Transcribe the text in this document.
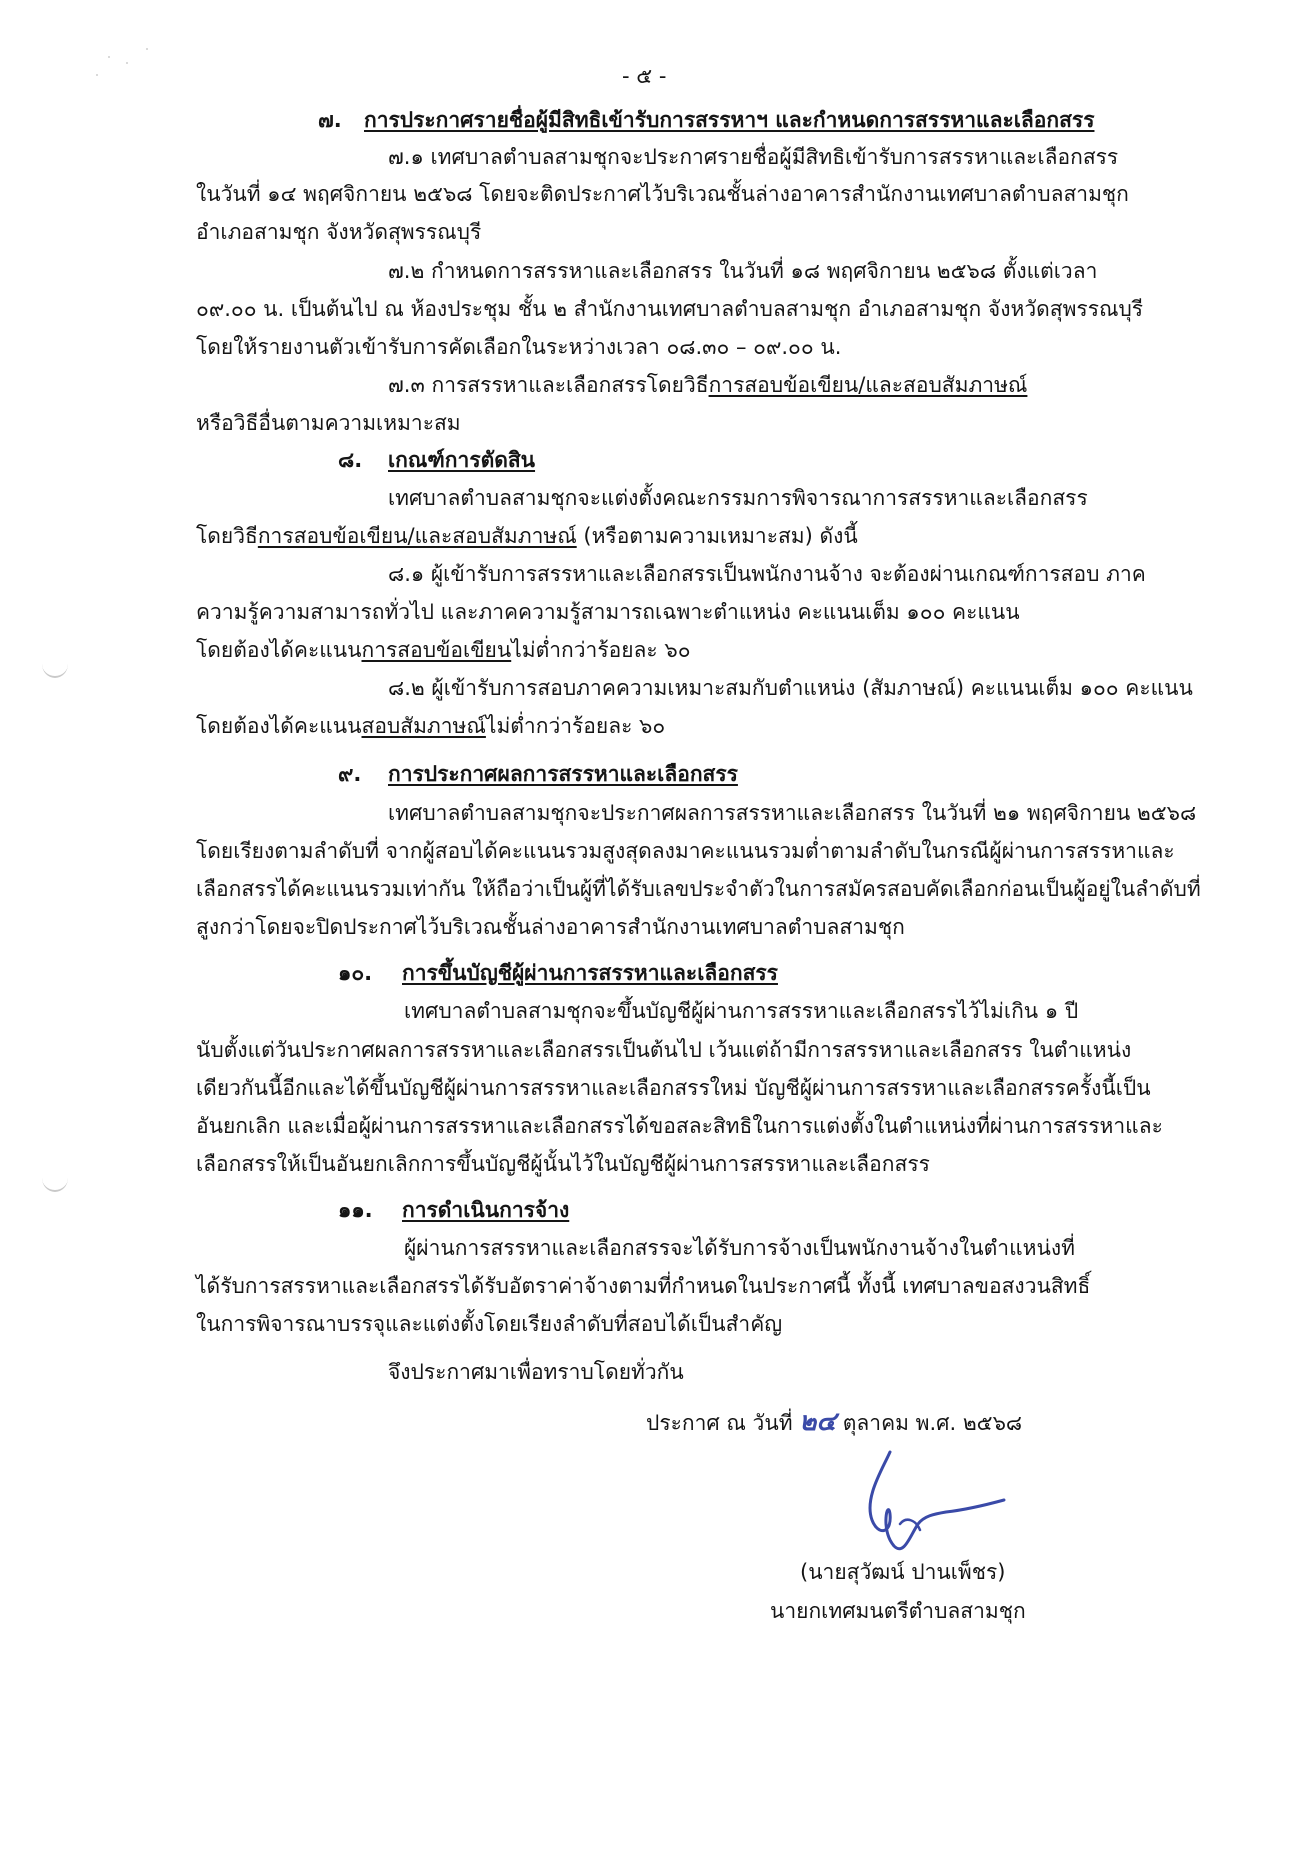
- ๕ -
๗. การประกาศรายชื่อผู้มีสิทธิเข้ารับการสรรหาฯ และกำหนดการสรรหาและเลือกสรร
๗.๑ เทศบาลตำบลสามชุกจะประกาศรายชื่อผู้มีสิทธิเข้ารับการสรรหาและเลือกสรร
ในวันที่ ๑๔ พฤศจิกายน ๒๕๖๘ โดยจะติดประกาศไว้บริเวณชั้นล่างอาคารสำนักงานเทศบาลตำบลสามชุก
อำเภอสามชุก จังหวัดสุพรรณบุรี
๗.๒ กำหนดการสรรหาและเลือกสรร ในวันที่ ๑๘ พฤศจิกายน ๒๕๖๘ ตั้งแต่เวลา
๐๙.๐๐ น. เป็นต้นไป ณ ห้องประชุม ชั้น ๒ สำนักงานเทศบาลตำบลสามชุก อำเภอสามชุก จังหวัดสุพรรณบุรี
โดยให้รายงานตัวเข้ารับการคัดเลือกในระหว่างเวลา ๐๘.๓๐ – ๐๙.๐๐ น.
๗.๓ การสรรหาและเลือกสรรโดยวิธีการสอบข้อเขียน/และสอบสัมภาษณ์
หรือวิธีอื่นตามความเหมาะสม
๘. เกณฑ์การตัดสิน
เทศบาลตำบลสามชุกจะแต่งตั้งคณะกรรมการพิจารณาการสรรหาและเลือกสรร
โดยวิธีการสอบข้อเขียน/และสอบสัมภาษณ์ (หรือตามความเหมาะสม) ดังนี้
๘.๑ ผู้เข้ารับการสรรหาและเลือกสรรเป็นพนักงานจ้าง จะต้องผ่านเกณฑ์การสอบ ภาค
ความรู้ความสามารถทั่วไป และภาคความรู้สามารถเฉพาะตำแหน่ง คะแนนเต็ม ๑๐๐ คะแนน
โดยต้องได้คะแนนการสอบข้อเขียนไม่ต่ำกว่าร้อยละ ๖๐
๘.๒ ผู้เข้ารับการสอบภาคความเหมาะสมกับตำแหน่ง (สัมภาษณ์) คะแนนเต็ม ๑๐๐ คะแนน
โดยต้องได้คะแนนสอบสัมภาษณ์ไม่ต่ำกว่าร้อยละ ๖๐
๙. การประกาศผลการสรรหาและเลือกสรร
เทศบาลตำบลสามชุกจะประกาศผลการสรรหาและเลือกสรร ในวันที่ ๒๑ พฤศจิกายน ๒๕๖๘
โดยเรียงตามลำดับที่ จากผู้สอบได้คะแนนรวมสูงสุดลงมาคะแนนรวมต่ำตามลำดับในกรณีผู้ผ่านการสรรหาและ
เลือกสรรได้คะแนนรวมเท่ากัน ให้ถือว่าเป็นผู้ที่ได้รับเลขประจำตัวในการสมัครสอบคัดเลือกก่อนเป็นผู้อยู่ในลำดับที่
สูงกว่าโดยจะปิดประกาศไว้บริเวณชั้นล่างอาคารสำนักงานเทศบาลตำบลสามชุก
๑๐. การขึ้นบัญชีผู้ผ่านการสรรหาและเลือกสรร
เทศบาลตำบลสามชุกจะขึ้นบัญชีผู้ผ่านการสรรหาและเลือกสรรไว้ไม่เกิน ๑ ปี
นับตั้งแต่วันประกาศผลการสรรหาและเลือกสรรเป็นต้นไป เว้นแต่ถ้ามีการสรรหาและเลือกสรร ในตำแหน่ง
เดียวกันนี้อีกและได้ขึ้นบัญชีผู้ผ่านการสรรหาและเลือกสรรใหม่ บัญชีผู้ผ่านการสรรหาและเลือกสรรครั้งนี้เป็น
อันยกเลิก และเมื่อผู้ผ่านการสรรหาและเลือกสรรได้ขอสละสิทธิในการแต่งตั้งในตำแหน่งที่ผ่านการสรรหาและ
เลือกสรรให้เป็นอันยกเลิกการขึ้นบัญชีผู้นั้นไว้ในบัญชีผู้ผ่านการสรรหาและเลือกสรร
๑๑. การดำเนินการจ้าง
ผู้ผ่านการสรรหาและเลือกสรรจะได้รับการจ้างเป็นพนักงานจ้างในตำแหน่งที่
ได้รับการสรรหาและเลือกสรรได้รับอัตราค่าจ้างตามที่กำหนดในประกาศนี้ ทั้งนี้ เทศบาลขอสงวนสิทธิ์
ในการพิจารณาบรรจุและแต่งตั้งโดยเรียงลำดับที่สอบได้เป็นสำคัญ
จึงประกาศมาเพื่อทราบโดยทั่วกัน
ประกาศ ณ วันที่ ๒๔ ตุลาคม พ.ศ. ๒๕๖๘
(นายสุวัฒน์ ปานเพ็ชร)
นายกเทศมนตรีตำบลสามชุก
